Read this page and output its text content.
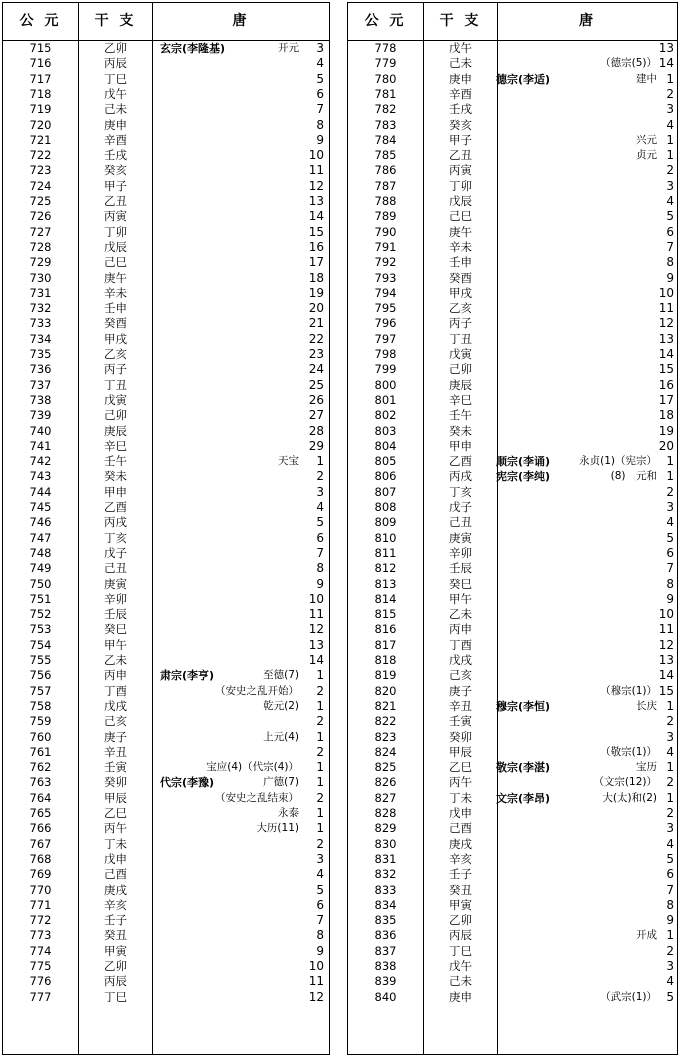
公 元	干 支	唐
715	乙卯	玄宗(李隆基)	开元	3
716	丙辰	4
717	丁巳	5
718	戊午	6
719	己未	7
720	庚申	8
721	辛酉	9
722	壬戌	10
723	癸亥	11
724	甲子	12
725	乙丑	13
726	丙寅	14
727	丁卯	15
728	戊辰	16
729	己巳	17
730	庚午	18
731	辛未	19
732	壬申	20
733	癸酉	21
734	甲戌	22
735	乙亥	23
736	丙子	24
737	丁丑	25
738	戊寅	26
739	己卯	27
740	庚辰	28
741	辛巳	29
742	壬午	天宝	1
743	癸未	2
744	甲申	3
745	乙酉	4
746	丙戌	5
747	丁亥	6
748	戊子	7
749	己丑	8
750	庚寅	9
751	辛卯	10
752	壬辰	11
753	癸巳	12
754	甲午	13
755	乙未	14
756	丙申	肃宗(李亨)	至德(7)	1
757	丁酉	（安史之乱开始）	2
758	戊戌	乾元(2)	1
759	己亥	2
760	庚子	上元(4)	1
761	辛丑	2
762	壬寅	宝应(4)（代宗(4)）	1
763	癸卯	代宗(李豫)	广德(7)	1
764	甲辰	（安史之乱结束）	2
765	乙巳	永泰	1
766	丙午	大历(11)	1
767	丁未	2
768	戊申	3
769	己酉	4
770	庚戌	5
771	辛亥	6
772	壬子	7
773	癸丑	8
774	甲寅	9
775	乙卯	10
776	丙辰	11
777	丁巳	12
公 元	干 支	唐
778	戊午	13
779	己未	（德宗(5)） 14
780	庚申	德宗(李适)	建中 1
781	辛酉	2
782	壬戌	3
783	癸亥	4
784	甲子	兴元 1
785	乙丑	贞元 1
786	丙寅	2
787	丁卯	3
788	戊辰	4
789	己巳	5
790	庚午	6
791	辛未	7
792	壬申	8
793	癸酉	9
794	甲戌	10
795	乙亥	11
796	丙子	12
797	丁丑	13
798	戊寅	14
799	己卯	15
800	庚辰	16
801	辛巳	17
802	壬午	18
803	癸未	19
804	甲申	20
805	乙酉	顺宗(李诵)	永贞(1)（宪宗） 1
806	丙戌	宪宗(李纯)	(8)　元和 1
807	丁亥	2
808	戊子	3
809	己丑	4
810	庚寅	5
811	辛卯	6
812	壬辰	7
813	癸巳	8
814	甲午	9
815	乙未	10
816	丙申	11
817	丁酉	12
818	戊戌	13
819	己亥	14
820	庚子	（穆宗(1)） 15
821	辛丑	穆宗(李恒)	长庆 1
822	壬寅	2
823	癸卯	3
824	甲辰	（敬宗(1)） 4
825	乙巳	敬宗(李湛)	宝历 1
826	丙午	（文宗(12)） 2
827	丁未	文宗(李昂)	大(太)和(2) 1
828	戊申	2
829	己酉	3
830	庚戌	4
831	辛亥	5
832	壬子	6
833	癸丑	7
834	甲寅	8
835	乙卯	9
836	丙辰	开成 1
837	丁巳	2
838	戊午	3
839	己未	4
840	庚申	（武宗(1)） 5
